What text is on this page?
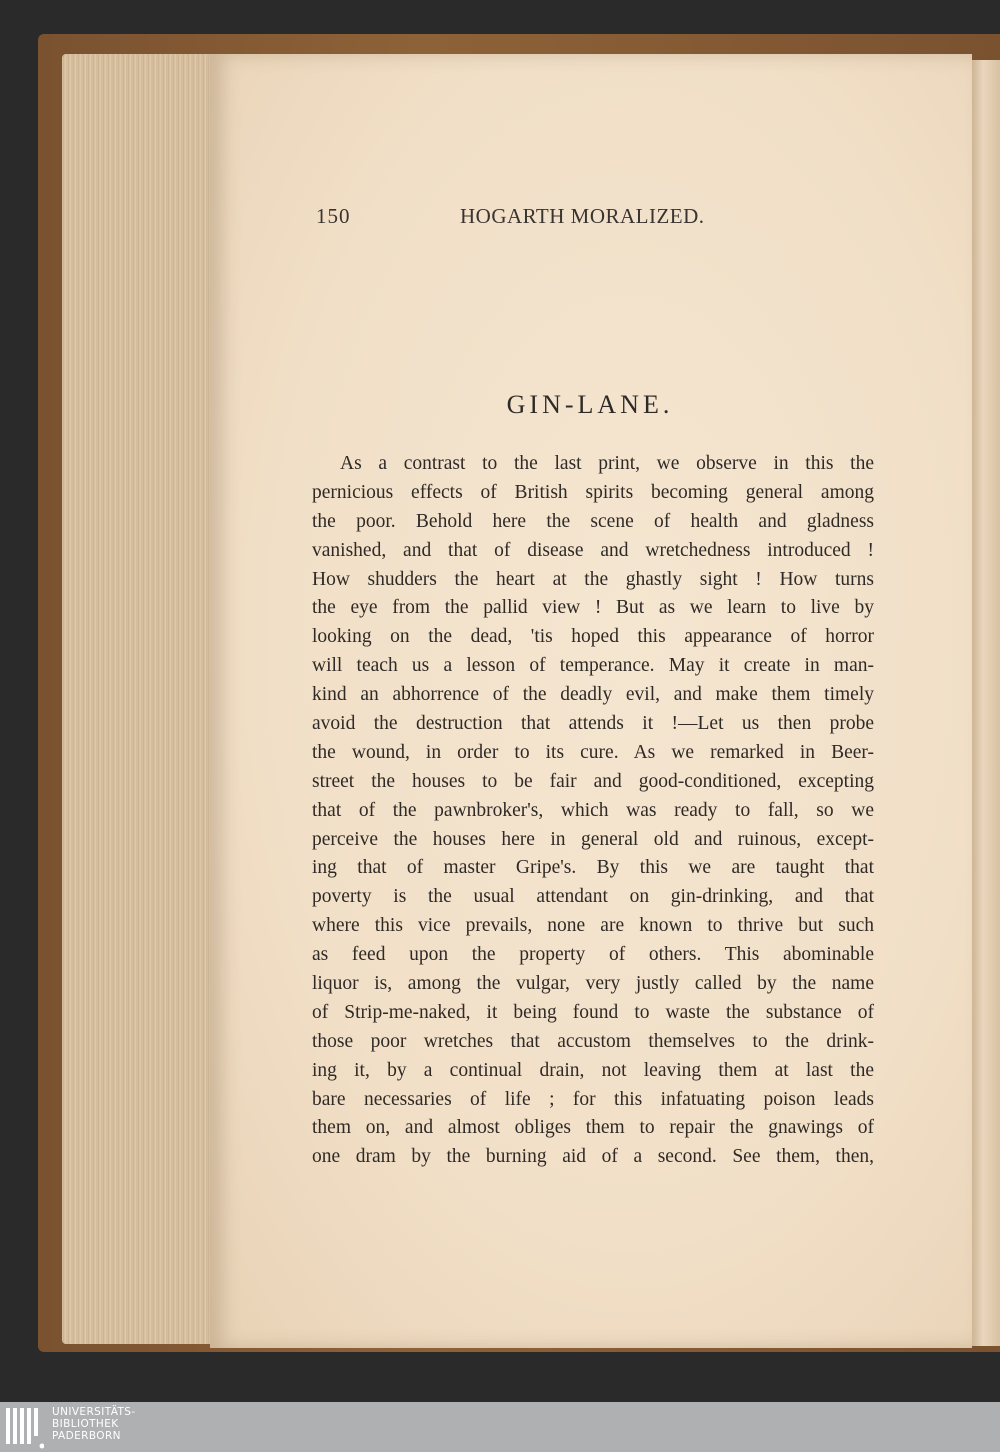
150	HOGARTH MORALIZED.
GIN-LANE.
As a contrast to the last print, we observe in this the
pernicious effects of British spirits becoming general among
the poor. Behold here the scene of health and gladness
vanished, and that of disease and wretchedness introduced !
How shudders the heart at the ghastly sight ! How turns
the eye from the pallid view ! But as we learn to live by
looking on the dead, 'tis hoped this appearance of horror
will teach us a lesson of temperance. May it create in man-
kind an abhorrence of the deadly evil, and make them timely
avoid the destruction that attends it !—Let us then probe
the wound, in order to its cure. As we remarked in Beer-
street the houses to be fair and good-conditioned, excepting
that of the pawnbroker's, which was ready to fall, so we
perceive the houses here in general old and ruinous, except-
ing that of master Gripe's. By this we are taught that
poverty is the usual attendant on gin-drinking, and that
where this vice prevails, none are known to thrive but such
as feed upon the property of others. This abominable
liquor is, among the vulgar, very justly called by the name
of Strip-me-naked, it being found to waste the substance of
those poor wretches that accustom themselves to the drink-
ing it, by a continual drain, not leaving them at last the
bare necessaries of life ; for this infatuating poison leads
them on, and almost obliges them to repair the gnawings of
one dram by the burning aid of a second. See them, then,
UNIVERSITÄTS-
BIBLIOTHEK
PADERBORN
